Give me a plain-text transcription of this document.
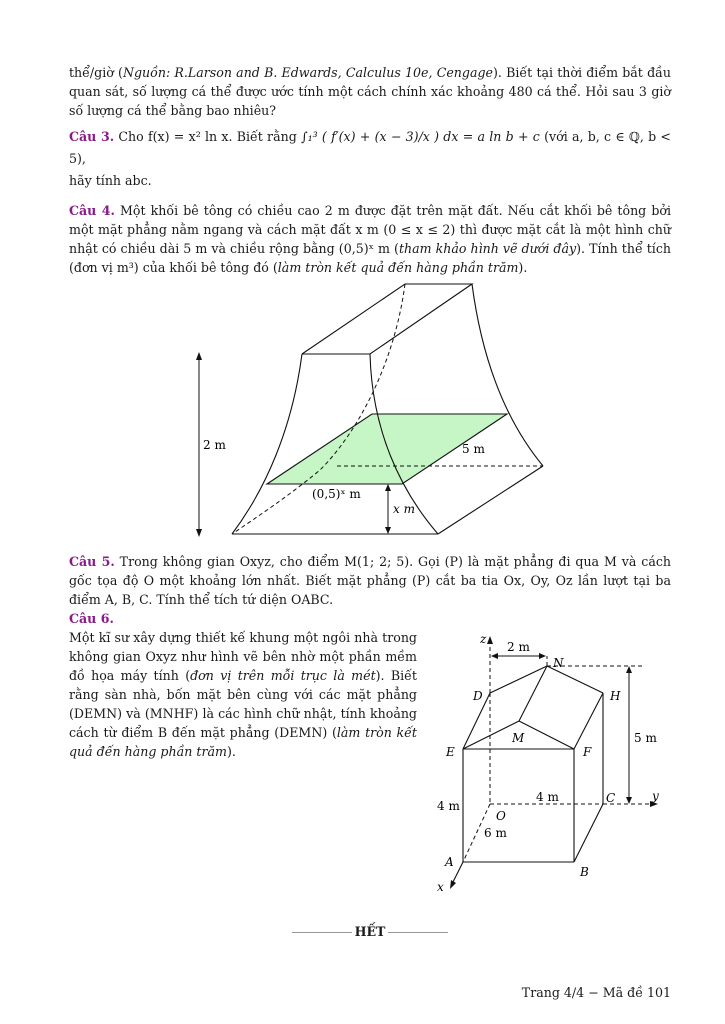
thể/giờ (Nguồn: R.Larson and B. Edwards, Calculus 10e, Cengage). Biết tại thời điểm bắt đầu quan sát, số lượng cá thể được ước tính một cách chính xác khoảng 480 cá thể. Hỏi sau 3 giờ số lượng cá thể bằng bao nhiêu?
Câu 3. Cho f(x) = x² ln x. Biết rằng ∫₁³ ( f′(x) + (x − 3)/x ) dx = a ln b + c (với a, b, c ∈ ℚ, b < 5),
hãy tính abc.
Câu 4. Một khối bê tông có chiều cao 2 m được đặt trên mặt đất. Nếu cắt khối bê tông bởi một mặt phẳng nằm ngang và cách mặt đất x m (0 ≤ x ≤ 2) thì được mặt cắt là một hình chữ nhật có chiều dài 5 m và chiều rộng bằng (0,5)ˣ m (tham khảo hình vẽ dưới đây). Tính thể tích (đơn vị m³) của khối bê tông đó (làm tròn kết quả đến hàng phần trăm).
2 m
x m
5 m
(0,5)ˣ m
Câu 5. Trong không gian Oxyz, cho điểm M(1; 2; 5). Gọi (P) là mặt phẳng đi qua M và cách gốc tọa độ O một khoảng lớn nhất. Biết mặt phẳng (P) cắt ba tia Ox, Oy, Oz lần lượt tại ba điểm A, B, C. Tính thể tích tứ diện OABC.
Câu 6.
Một kĩ sư xây dựng thiết kế khung một ngôi nhà trong không gian Oxyz như hình vẽ bên nhờ một phần mềm đồ họa máy tính (đơn vị trên mỗi trục là mét). Biết rằng sàn nhà, bốn mặt bên cùng với các mặt phẳng (DEMN) và (MNHF) là các hình chữ nhật, tính khoảng cách từ điểm B đến mặt phẳng (DEMN) (làm tròn kết quả đến hàng phần trăm).
N
D	H
M
E	F
O
C
A
B
x
y
z
2 m
5 m
4 m
4 m
6 m
HẾT
Trang 4/4 − Mã đề 101
